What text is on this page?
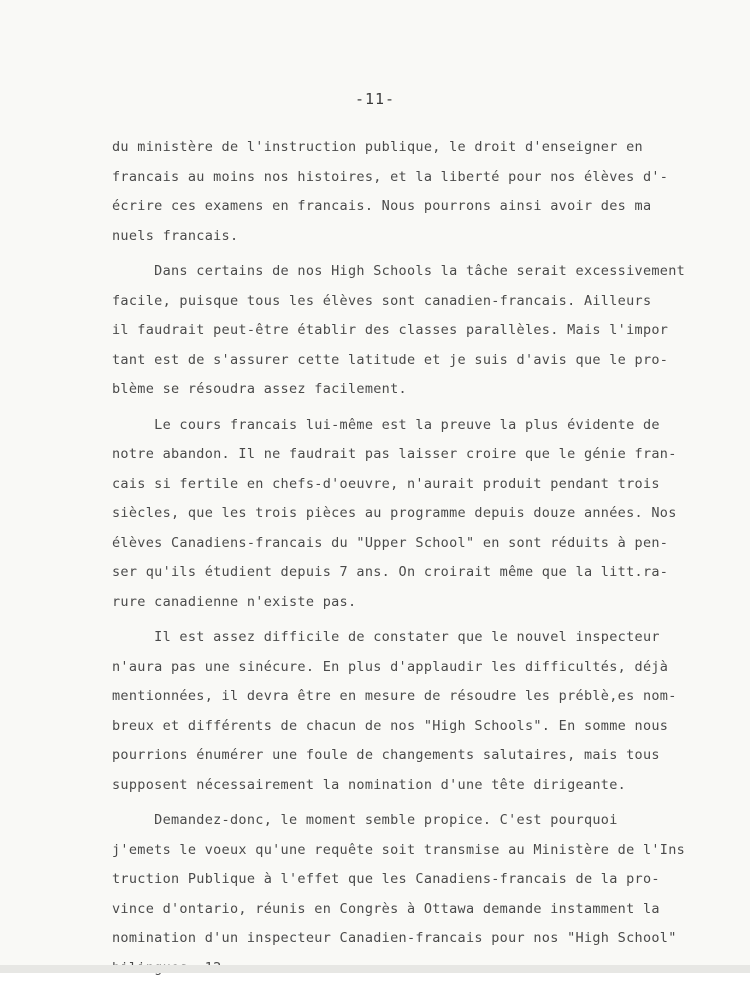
-11-
du ministère de l'instruction publique, le droit d'enseigner en
francais au moins nos histoires, et la liberté pour nos élèves d'-
écrire ces examens en francais. Nous pourrons ainsi avoir des ma
nuels francais.
Dans certains de nos High Schools la tâche serait excessivement
facile, puisque tous les élèves sont canadien-francais. Ailleurs
il faudrait peut-être établir des classes parallèles. Mais l'impor
tant est de s'assurer cette latitude et je suis d'avis que le pro-
blème se résoudra assez facilement.
Le cours francais lui-même est la preuve la plus évidente de
notre abandon. Il ne faudrait pas laisser croire que le génie fran-
cais si fertile en chefs-d'oeuvre, n'aurait produit pendant trois
siècles, que les trois pièces au programme depuis douze années. Nos
élèves Canadiens-francais du "Upper School" en sont réduits à pen-
ser qu'ils étudient depuis 7 ans. On croirait même que la litt.ra-
rure canadienne n'existe pas.
Il est assez difficile de constater que le nouvel inspecteur
n'aura pas une sinécure. En plus d'applaudir les difficultés, déjà
mentionnées, il devra être en mesure de résoudre les préblè,es nom-
breux et différents de chacun de nos "High Schools". En somme nous
pourrions énumérer une foule de changements salutaires, mais tous
supposent nécessairement la nomination d'une tête dirigeante.
Demandez-donc, le moment semble propice. C'est pourquoi
j'emets le voeux qu'une requête soit transmise au Ministère de l'Ins
truction Publique à l'effet que les Canadiens-francais de la pro-
vince d'ontario, réunis en Congrès à Ottawa demande instamment la
nomination d'un inspecteur Canadien-francais pour nos "High School"
